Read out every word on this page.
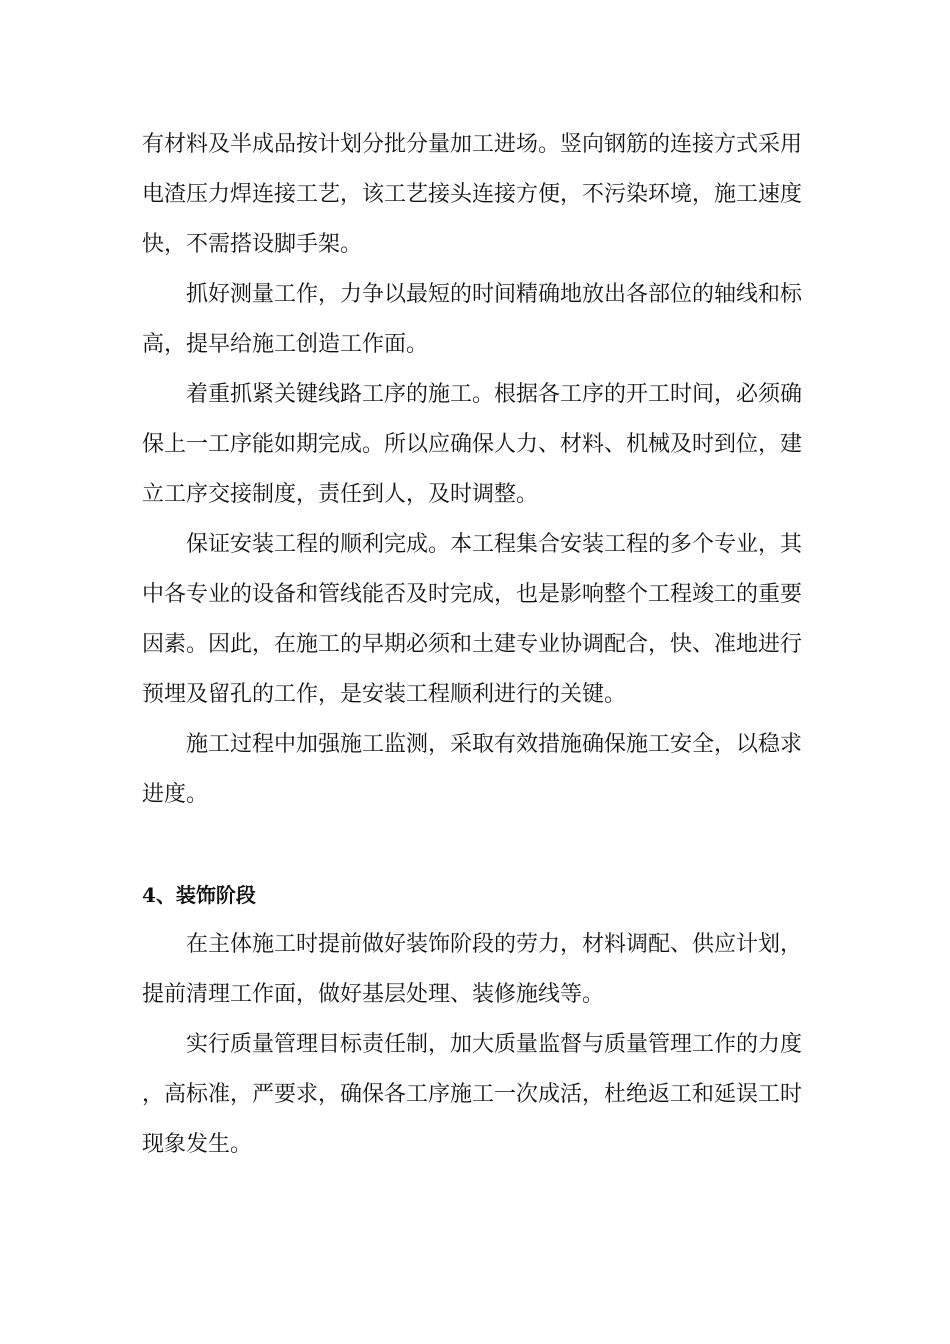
有材料及半成品按计划分批分量加工进场。竖向钢筋的连接方式采用电渣压力焊连接工艺，该工艺接头连接方便，不污染环境，施工速度快，不需搭设脚手架。

抓好测量工作，力争以最短的时间精确地放出各部位的轴线和标高，提早给施工创造工作面。

着重抓紧关键线路工序的施工。根据各工序的开工时间，必须确保上一工序能如期完成。所以应确保人力、材料、机械及时到位，建立工序交接制度，责任到人，及时调整。

保证安装工程的顺利完成。本工程集合安装工程的多个专业，其中各专业的设备和管线能否及时完成，也是影响整个工程竣工的重要因素。因此，在施工的早期必须和土建专业协调配合，快、准地进行预埋及留孔的工作，是安装工程顺利进行的关键。

施工过程中加强施工监测，采取有效措施确保施工安全，以稳求进度。

4、装饰阶段

在主体施工时提前做好装饰阶段的劳力，材料调配、供应计划，提前清理工作面，做好基层处理、装修施线等。

实行质量管理目标责任制，加大质量监督与质量管理工作的力度，高标准，严要求，确保各工序施工一次成活，杜绝返工和延误工时现象发生。
